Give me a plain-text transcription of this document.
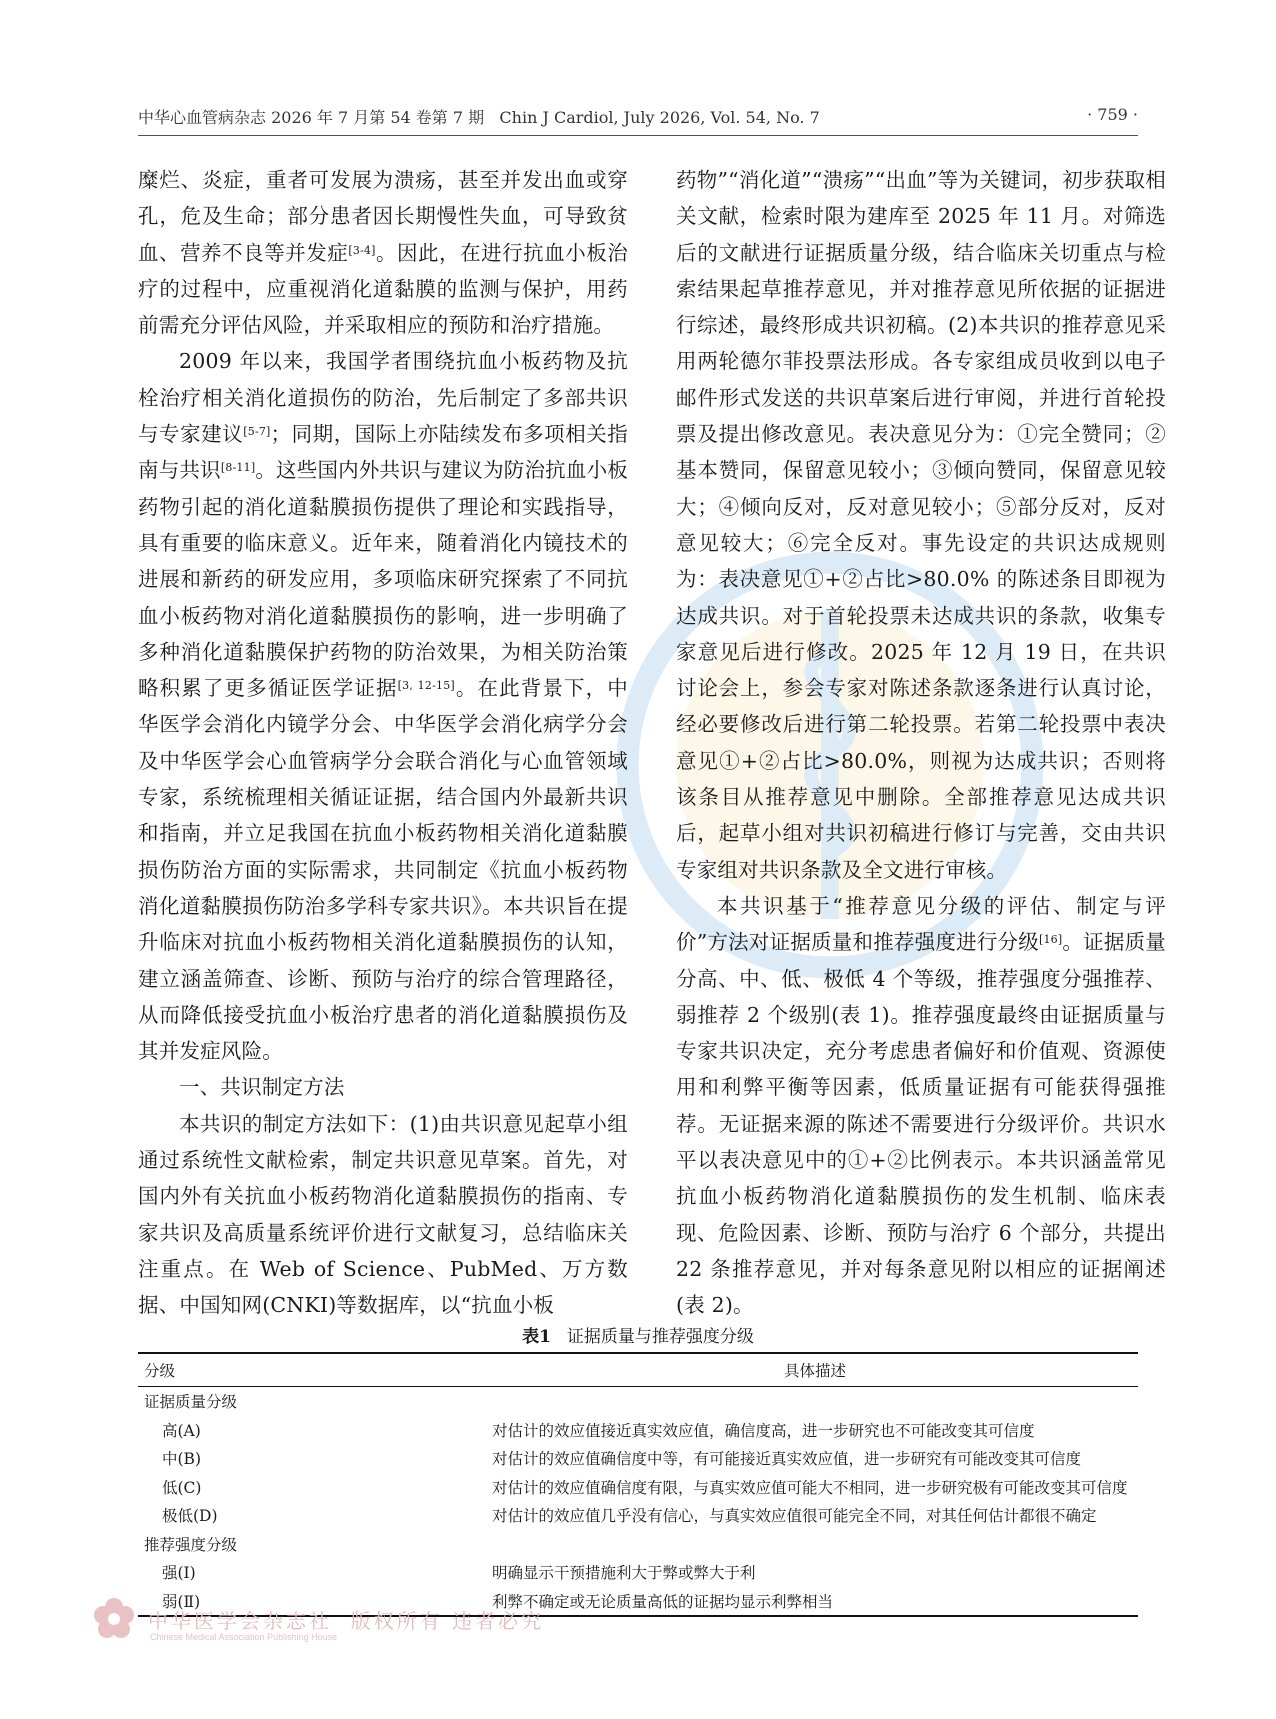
中华心血管病杂志 2026 年 7 月第 54 卷第 7 期 Chin J Cardiol, July 2026, Vol. 54, No. 7	· 759 ·

糜烂、炎症，重者可发展为溃疡，甚至并发出血或穿孔，危及生命；部分患者因长期慢性失血，可导致贫血、营养不良等并发症[3-4]。因此，在进行抗血小板治疗的过程中，应重视消化道黏膜的监测与保护，用药前需充分评估风险，并采取相应的预防和治疗措施。

2009 年以来，我国学者围绕抗血小板药物及抗栓治疗相关消化道损伤的防治，先后制定了多部共识与专家建议[5-7]；同期，国际上亦陆续发布多项相关指南与共识[8-11]。这些国内外共识与建议为防治抗血小板药物引起的消化道黏膜损伤提供了理论和实践指导，具有重要的临床意义。近年来，随着消化内镜技术的进展和新药的研发应用，多项临床研究探索了不同抗血小板药物对消化道黏膜损伤的影响，进一步明确了多种消化道黏膜保护药物的防治效果，为相关防治策略积累了更多循证医学证据[3, 12-15]。在此背景下，中华医学会消化内镜学分会、中华医学会消化病学分会及中华医学会心血管病学分会联合消化与心血管领域专家，系统梳理相关循证证据，结合国内外最新共识和指南，并立足我国在抗血小板药物相关消化道黏膜损伤防治方面的实际需求，共同制定《抗血小板药物消化道黏膜损伤防治多学科专家共识》。本共识旨在提升临床对抗血小板药物相关消化道黏膜损伤的认知，建立涵盖筛查、诊断、预防与治疗的综合管理路径，从而降低接受抗血小板治疗患者的消化道黏膜损伤及其并发症风险。

一、共识制定方法

本共识的制定方法如下：(1)由共识意见起草小组通过系统性文献检索，制定共识意见草案。首先，对国内外有关抗血小板药物消化道黏膜损伤的指南、专家共识及高质量系统评价进行文献复习，总结临床关注重点。在 Web of Science、PubMed、万方数据、中国知网(CNKI)等数据库，以“抗血小板

药物”“消化道”“溃疡”“出血”等为关键词，初步获取相关文献，检索时限为建库至 2025 年 11 月。对筛选后的文献进行证据质量分级，结合临床关切重点与检索结果起草推荐意见，并对推荐意见所依据的证据进行综述，最终形成共识初稿。(2)本共识的推荐意见采用两轮德尔菲投票法形成。各专家组成员收到以电子邮件形式发送的共识草案后进行审阅，并进行首轮投票及提出修改意见。表决意见分为：①完全赞同；②基本赞同，保留意见较小；③倾向赞同，保留意见较大；④倾向反对，反对意见较小；⑤部分反对，反对意见较大；⑥完全反对。事先设定的共识达成规则为：表决意见①+②占比>80.0% 的陈述条目即视为达成共识。对于首轮投票未达成共识的条款，收集专家意见后进行修改。2025 年 12 月 19 日，在共识讨论会上，参会专家对陈述条款逐条进行认真讨论，经必要修改后进行第二轮投票。若第二轮投票中表决意见①+②占比>80.0%，则视为达成共识；否则将该条目从推荐意见中删除。全部推荐意见达成共识后，起草小组对共识初稿进行修订与完善，交由共识专家组对共识条款及全文进行审核。

本共识基于“推荐意见分级的评估、制定与评价”方法对证据质量和推荐强度进行分级[16]。证据质量分高、中、低、极低 4 个等级，推荐强度分强推荐、弱推荐 2 个级别(表 1)。推荐强度最终由证据质量与专家共识决定，充分考虑患者偏好和价值观、资源使用和利弊平衡等因素，低质量证据有可能获得强推荐。无证据来源的陈述不需要进行分级评价。共识水平以表决意见中的①+②比例表示。本共识涵盖常见抗血小板药物消化道黏膜损伤的发生机制、临床表现、危险因素、诊断、预防与治疗 6 个部分，共提出 22 条推荐意见，并对每条意见附以相应的证据阐述(表 2)。

表1 证据质量与推荐强度分级
分级	具体描述
证据质量分级	
高(A)	对估计的效应值接近真实效应值，确信度高，进一步研究也不可能改变其可信度
中(B)	对估计的效应值确信度中等，有可能接近真实效应值，进一步研究有可能改变其可信度
低(C)	对估计的效应值确信度有限，与真实效应值可能大不相同，进一步研究极有可能改变其可信度
极低(D)	对估计的效应值几乎没有信心，与真实效应值很可能完全不同，对其任何估计都很不确定
推荐强度分级	
强(Ⅰ)	明确显示干预措施利大于弊或弊大于利
弱(Ⅱ)	利弊不确定或无论质量高低的证据均显示利弊相当
中华医学会杂志社 版权所有 违者必究
Chinese Medical Association Publishing House
